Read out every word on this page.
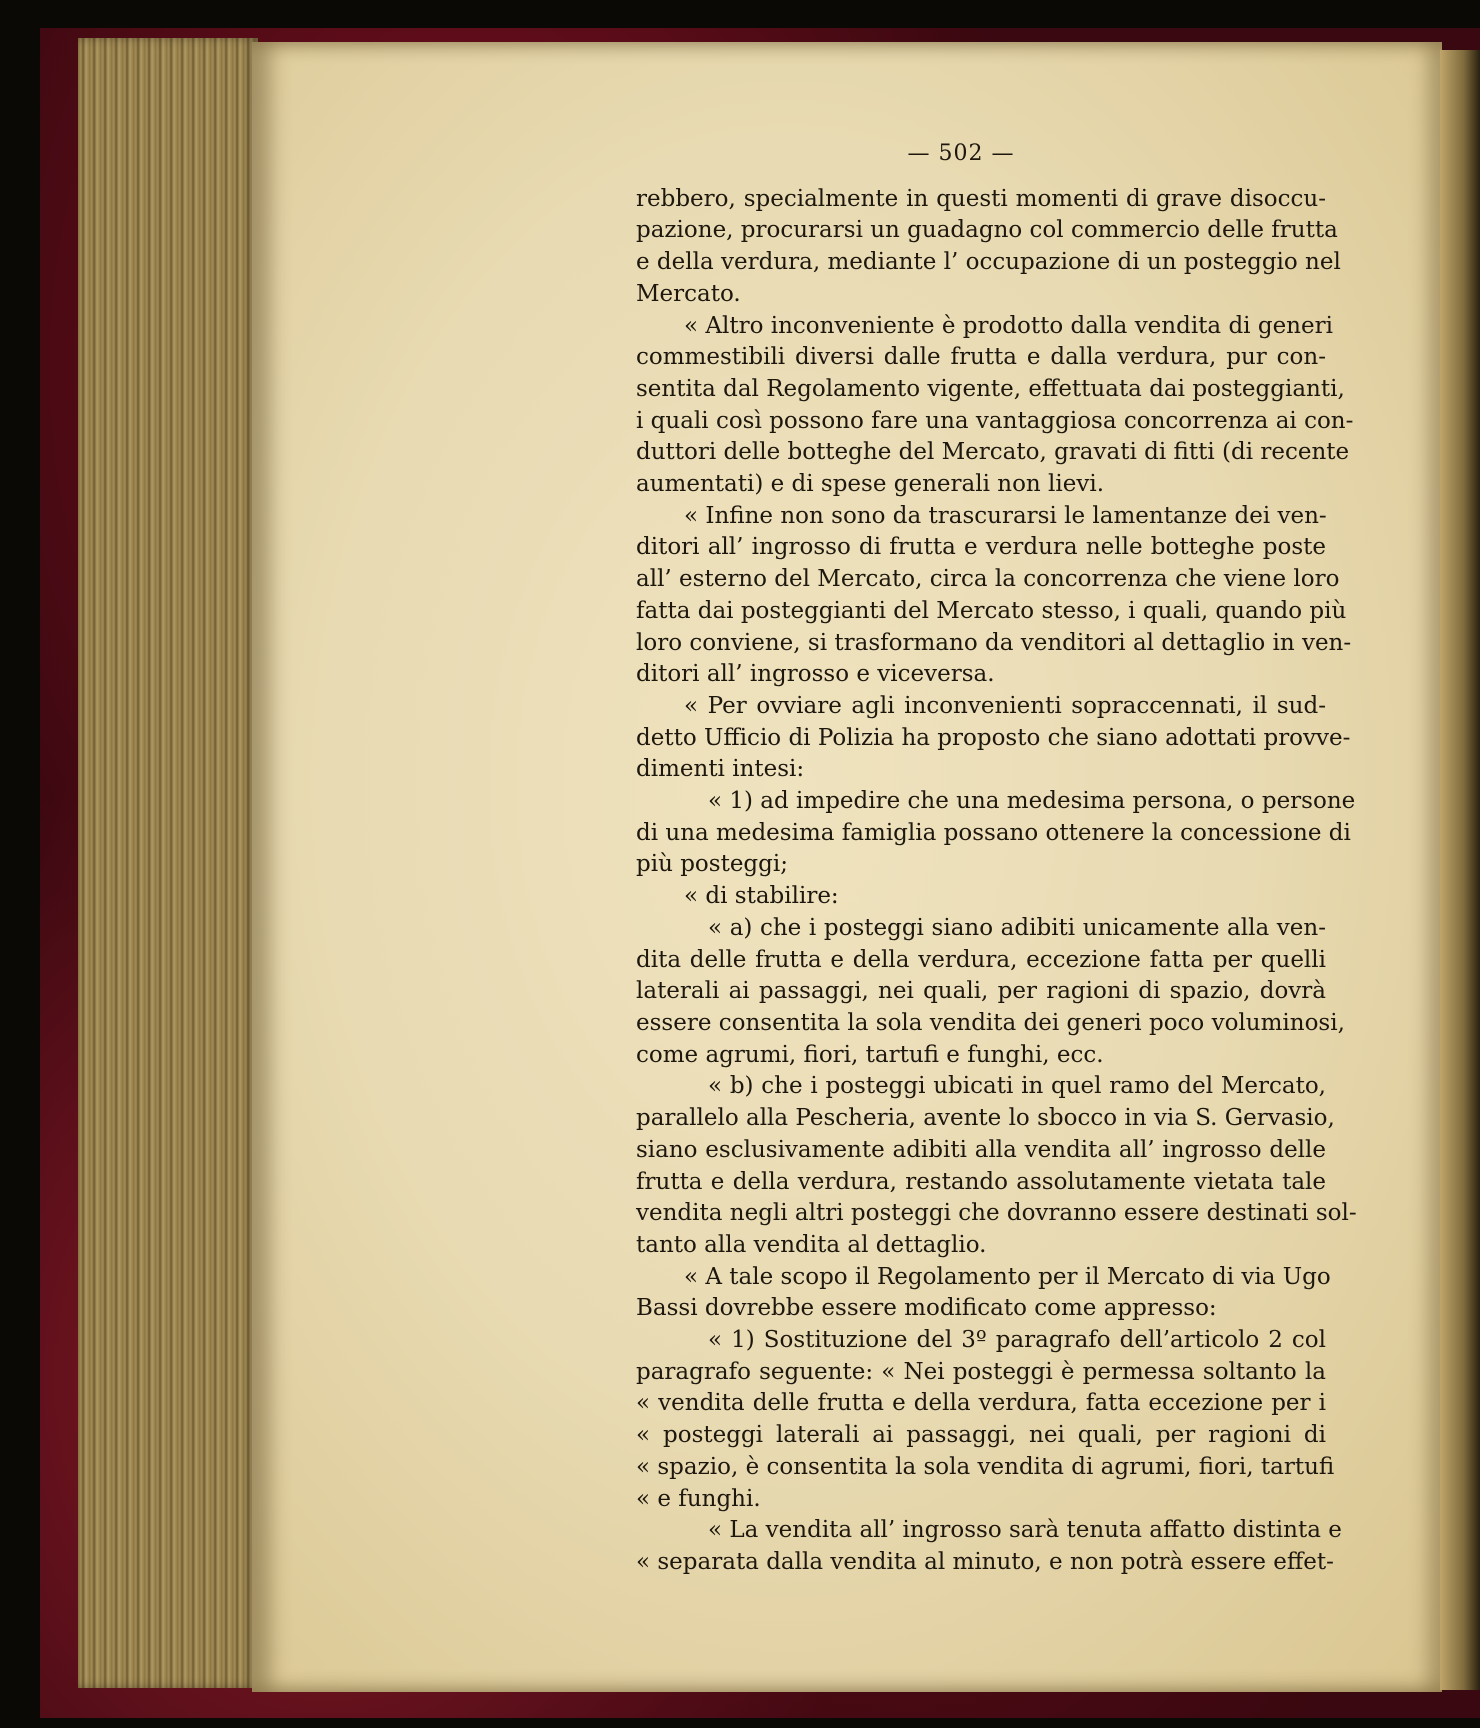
— 502 —
rebbero, specialmente in questi momenti di grave disoccu-
pazione, procurarsi un guadagno col commercio delle frutta
e della verdura, mediante l’ occupazione di un posteggio nel
Mercato.
« Altro inconveniente è prodotto dalla vendita di generi
commestibili diversi dalle frutta e dalla verdura, pur con-
sentita dal Regolamento vigente, effettuata dai posteggianti,
i quali così possono fare una vantaggiosa concorrenza ai con-
duttori delle botteghe del Mercato, gravati di fitti (di recente
aumentati) e di spese generali non lievi.
« Infine non sono da trascurarsi le lamentanze dei ven-
ditori all’ ingrosso di frutta e verdura nelle botteghe poste
all’ esterno del Mercato, circa la concorrenza che viene loro
fatta dai posteggianti del Mercato stesso, i quali, quando più
loro conviene, si trasformano da venditori al dettaglio in ven-
ditori all’ ingrosso e viceversa.
« Per ovviare agli inconvenienti sopraccennati, il sud-
detto Ufficio di Polizia ha proposto che siano adottati provve-
dimenti intesi:
« 1) ad impedire che una medesima persona, o persone
di una medesima famiglia possano ottenere la concessione di
più posteggi;
« di stabilire:
« a) che i posteggi siano adibiti unicamente alla ven-
dita delle frutta e della verdura, eccezione fatta per quelli
laterali ai passaggi, nei quali, per ragioni di spazio, dovrà
essere consentita la sola vendita dei generi poco voluminosi,
come agrumi, fiori, tartufi e funghi, ecc.
« b) che i posteggi ubicati in quel ramo del Mercato,
parallelo alla Pescheria, avente lo sbocco in via S. Gervasio,
siano esclusivamente adibiti alla vendita all’ ingrosso delle
frutta e della verdura, restando assolutamente vietata tale
vendita negli altri posteggi che dovranno essere destinati sol-
tanto alla vendita al dettaglio.
« A tale scopo il Regolamento per il Mercato di via Ugo
Bassi dovrebbe essere modificato come appresso:
« 1) Sostituzione del 3º paragrafo dell’articolo 2 col
paragrafo seguente: « Nei posteggi è permessa soltanto la
« vendita delle frutta e della verdura, fatta eccezione per i
« posteggi laterali ai passaggi, nei quali, per ragioni di
« spazio, è consentita la sola vendita di agrumi, fiori, tartufi
« e funghi.
« La vendita all’ ingrosso sarà tenuta affatto distinta e
« separata dalla vendita al minuto, e non potrà essere effet-
